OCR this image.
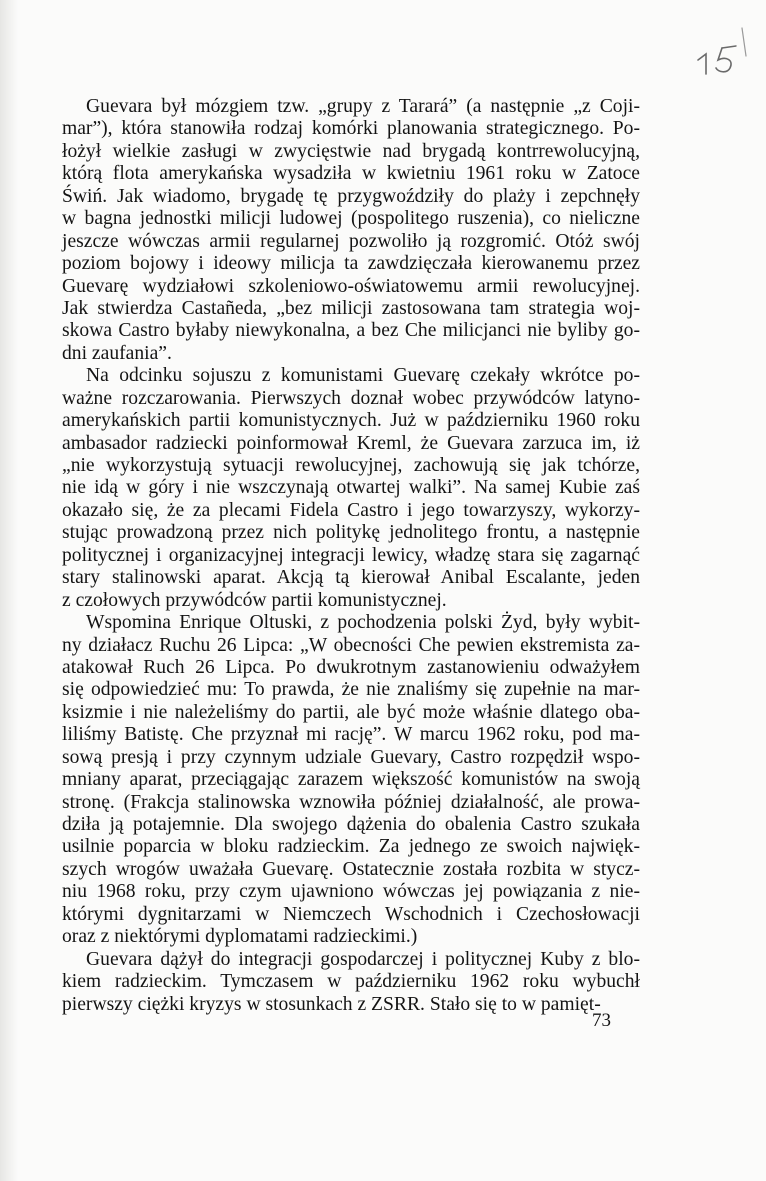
Guevara był mózgiem tzw. „grupy z Tarará” (a następnie „z Coji-
mar”), która stanowiła rodzaj komórki planowania strategicznego. Po-
łożył wielkie zasługi w zwycięstwie nad brygadą kontrrewolucyjną,
którą flota amerykańska wysadziła w kwietniu 1961 roku w Zatoce
Świń. Jak wiadomo, brygadę tę przygwoździły do plaży i zepchnęły
w bagna jednostki milicji ludowej (pospolitego ruszenia), co nieliczne
jeszcze wówczas armii regularnej pozwoliło ją rozgromić. Otóż swój
poziom bojowy i ideowy milicja ta zawdzięczała kierowanemu przez
Guevarę wydziałowi szkoleniowo-oświatowemu armii rewolucyjnej.
Jak stwierdza Castañeda, „bez milicji zastosowana tam strategia woj-
skowa Castro byłaby niewykonalna, a bez Che milicjanci nie byliby go-
dni zaufania”.
Na odcinku sojuszu z komunistami Guevarę czekały wkrótce po-
ważne rozczarowania. Pierwszych doznał wobec przywódców latyno-
amerykańskich partii komunistycznych. Już w październiku 1960 roku
ambasador radziecki poinformował Kreml, że Guevara zarzuca im, iż
„nie wykorzystują sytuacji rewolucyjnej, zachowują się jak tchórze,
nie idą w góry i nie wszczynają otwartej walki”. Na samej Kubie zaś
okazało się, że za plecami Fidela Castro i jego towarzyszy, wykorzy-
stując prowadzoną przez nich politykę jednolitego frontu, a następnie
politycznej i organizacyjnej integracji lewicy, władzę stara się zagarnąć
stary stalinowski aparat. Akcją tą kierował Anibal Escalante, jeden
z czołowych przywódców partii komunistycznej.
Wspomina Enrique Oltuski, z pochodzenia polski Żyd, były wybit-
ny działacz Ruchu 26 Lipca: „W obecności Che pewien ekstremista za-
atakował Ruch 26 Lipca. Po dwukrotnym zastanowieniu odważyłem
się odpowiedzieć mu: To prawda, że nie znaliśmy się zupełnie na mar-
ksizmie i nie należeliśmy do partii, ale być może właśnie dlatego oba-
liliśmy Batistę. Che przyznał mi rację”. W marcu 1962 roku, pod ma-
sową presją i przy czynnym udziale Guevary, Castro rozpędził wspo-
mniany aparat, przeciągając zarazem większość komunistów na swoją
stronę. (Frakcja stalinowska wznowiła później działalność, ale prowa-
dziła ją potajemnie. Dla swojego dążenia do obalenia Castro szukała
usilnie poparcia w bloku radzieckim. Za jednego ze swoich najwięk-
szych wrogów uważała Guevarę. Ostatecznie została rozbita w stycz-
niu 1968 roku, przy czym ujawniono wówczas jej powiązania z nie-
którymi dygnitarzami w Niemczech Wschodnich i Czechosłowacji
oraz z niektórymi dyplomatami radzieckimi.)
Guevara dążył do integracji gospodarczej i politycznej Kuby z blo-
kiem radzieckim. Tymczasem w październiku 1962 roku wybuchł
pierwszy ciężki kryzys w stosunkach z ZSRR. Stało się to w pamięt-
73
